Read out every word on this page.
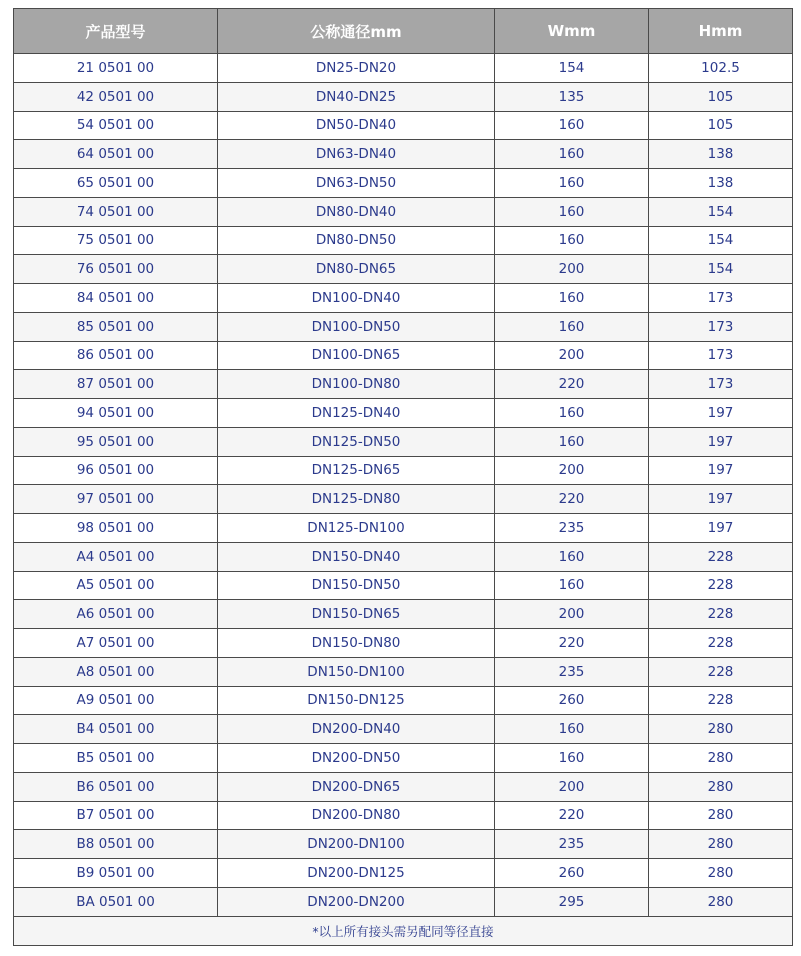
产品型号	公称通径mm	Wmm	Hmm
21 0501 00	DN25-DN20	154	102.5
42 0501 00	DN40-DN25	135	105
54 0501 00	DN50-DN40	160	105
64 0501 00	DN63-DN40	160	138
65 0501 00	DN63-DN50	160	138
74 0501 00	DN80-DN40	160	154
75 0501 00	DN80-DN50	160	154
76 0501 00	DN80-DN65	200	154
84 0501 00	DN100-DN40	160	173
85 0501 00	DN100-DN50	160	173
86 0501 00	DN100-DN65	200	173
87 0501 00	DN100-DN80	220	173
94 0501 00	DN125-DN40	160	197
95 0501 00	DN125-DN50	160	197
96 0501 00	DN125-DN65	200	197
97 0501 00	DN125-DN80	220	197
98 0501 00	DN125-DN100	235	197
A4 0501 00	DN150-DN40	160	228
A5 0501 00	DN150-DN50	160	228
A6 0501 00	DN150-DN65	200	228
A7 0501 00	DN150-DN80	220	228
A8 0501 00	DN150-DN100	235	228
A9 0501 00	DN150-DN125	260	228
B4 0501 00	DN200-DN40	160	280
B5 0501 00	DN200-DN50	160	280
B6 0501 00	DN200-DN65	200	280
B7 0501 00	DN200-DN80	220	280
B8 0501 00	DN200-DN100	235	280
B9 0501 00	DN200-DN125	260	280
BA 0501 00	DN200-DN200	295	280
*以上所有接头需另配同等径直接			
